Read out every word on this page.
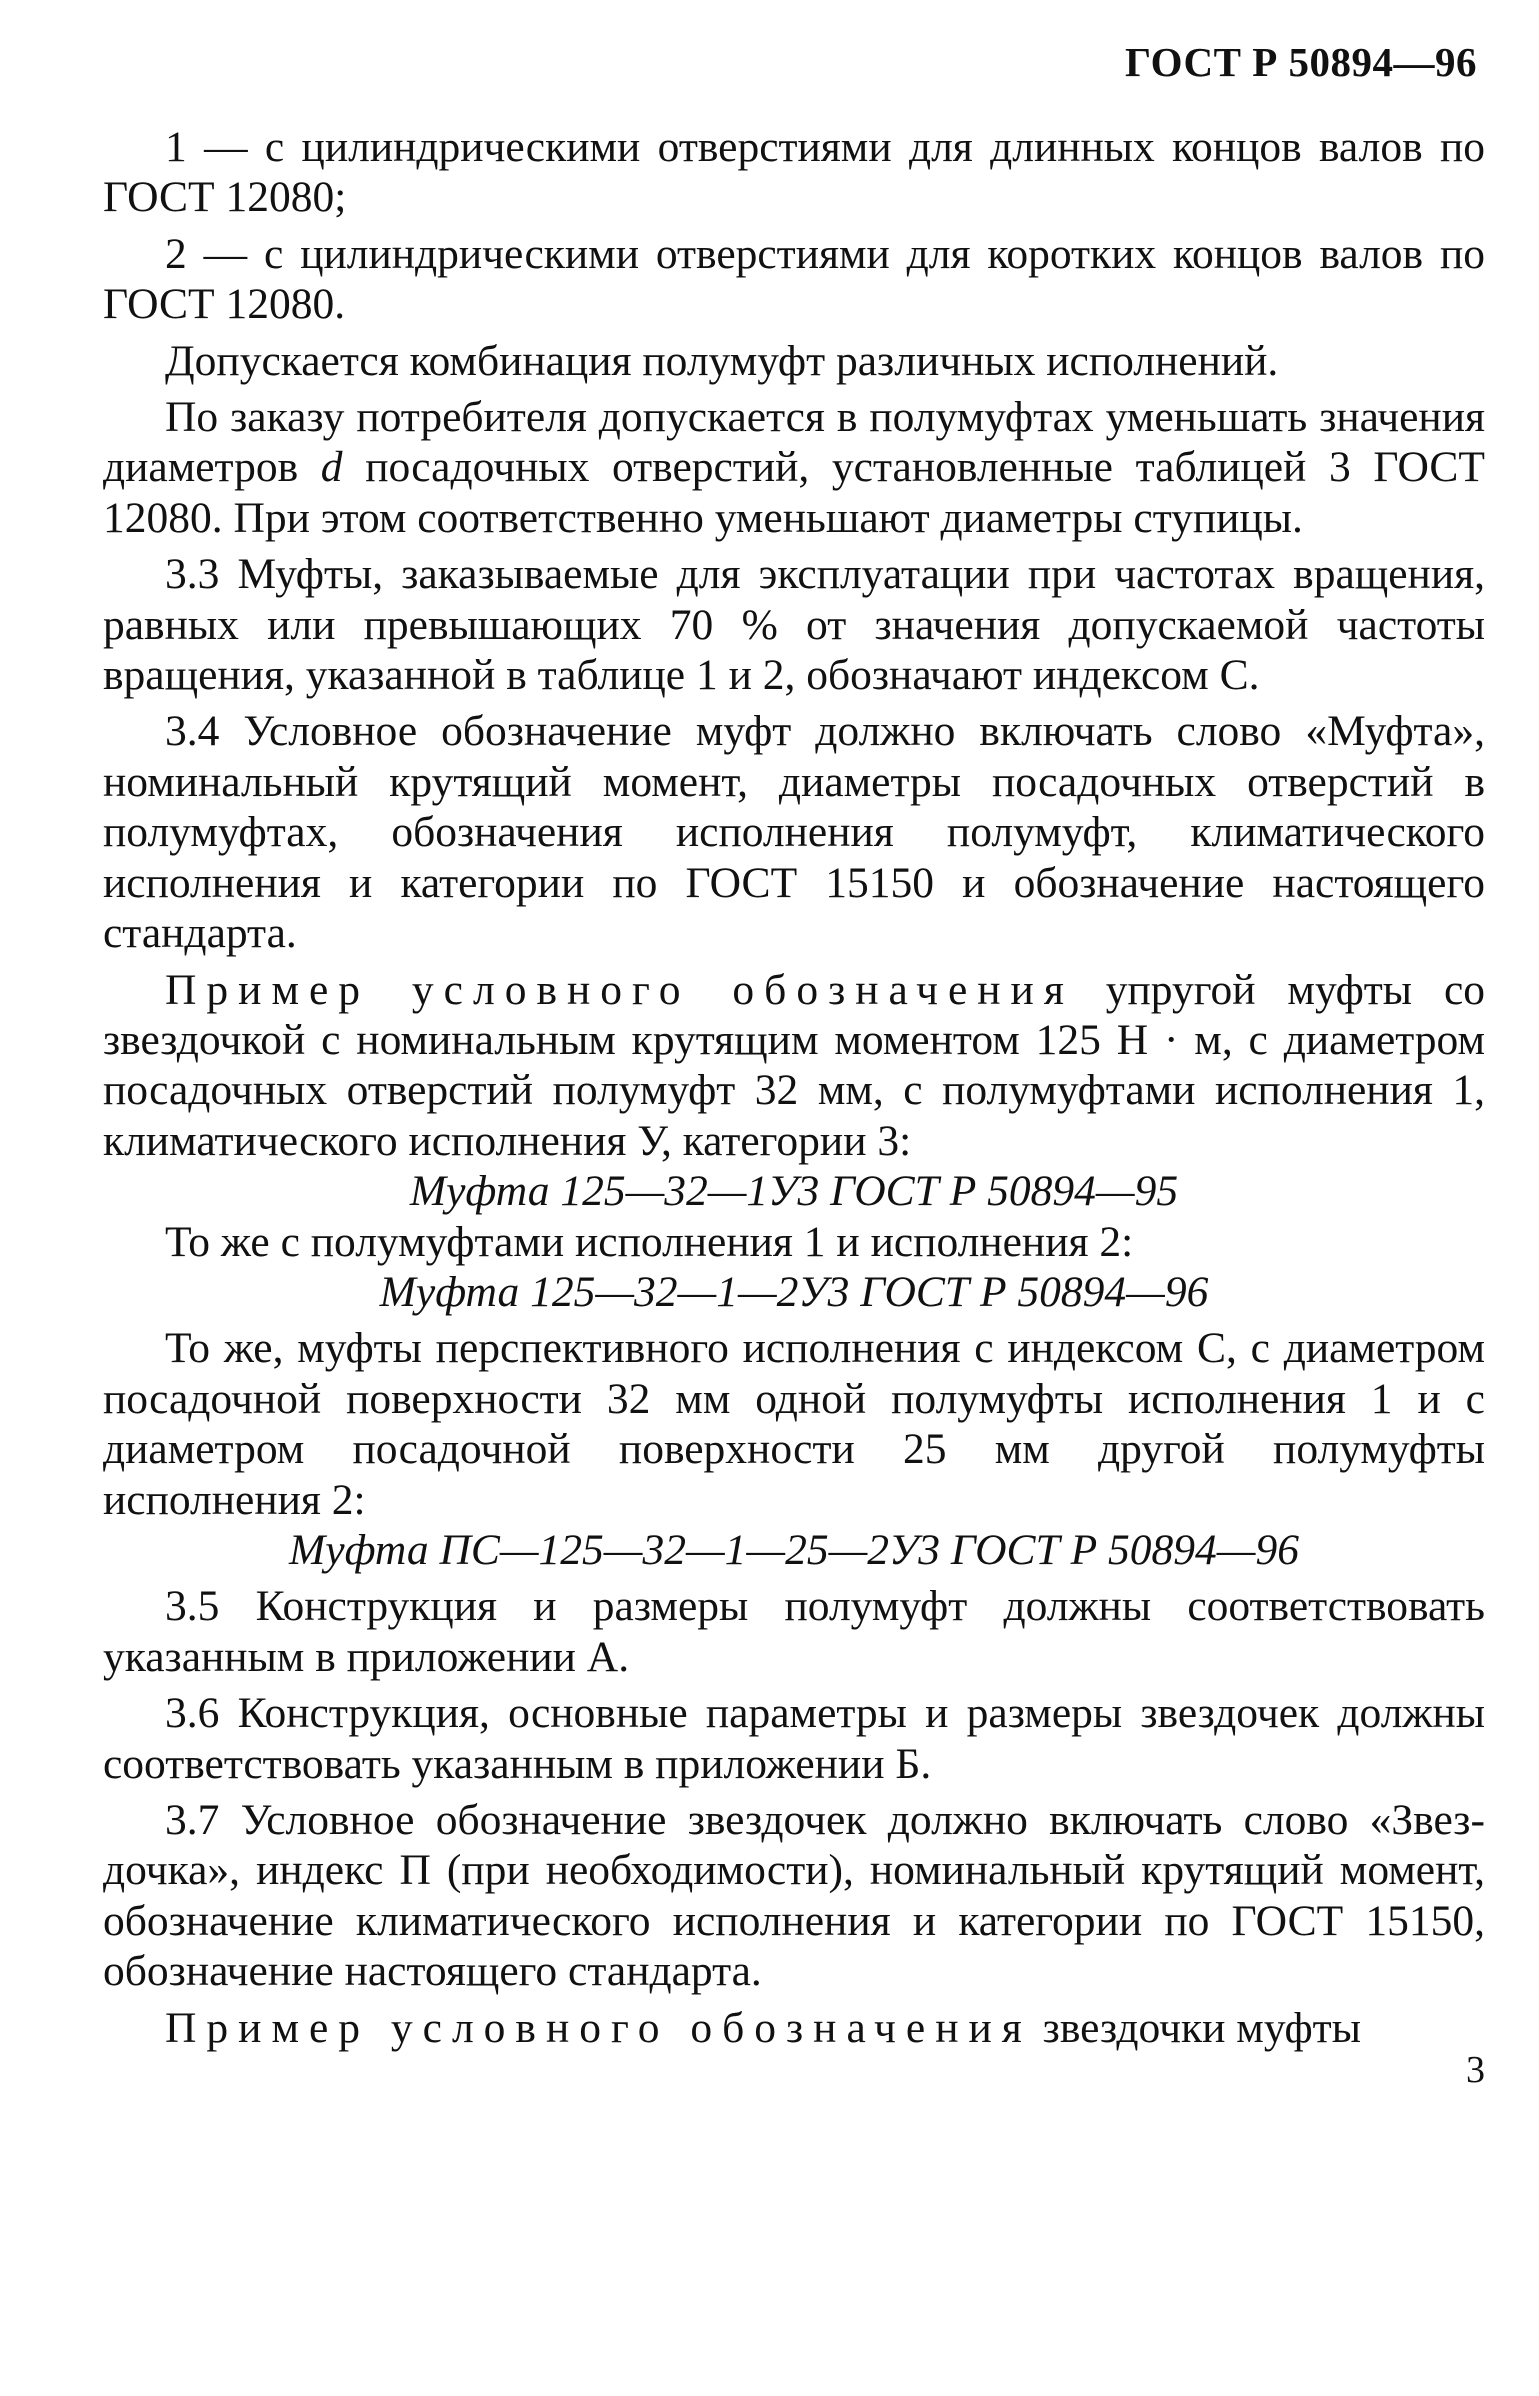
ГОСТ Р 50894—96
1 — с цилиндрическими отверстиями для длинных концов валов по ГОСТ 12080;
2 — с цилиндрическими отверстиями для коротких концов валов по ГОСТ 12080.
Допускается комбинация полумуфт различных исполнений.
По заказу потребителя допускается в полумуфтах уменьшать значения диаметров d посадочных отверстий, установленные таблицей 3 ГОСТ 12080. При этом соответственно уменьшают диаметры ступицы.
3.3 Муфты, заказываемые для эксплуатации при частотах вращения, равных или превышающих 70 % от значения допускаемой частоты вращения, указанной в таблице 1 и 2, обозначают индексом С.
3.4 Условное обозначение муфт должно включать слово «Муфта», номинальный крутящий момент, диаметры посадочных отверстий в полумуфтах, обозначения исполнения полумуфт, климатического исполнения и категории по ГОСТ 15150 и обозначение настоящего стандарта.
Пример условного обозначения упругой муфты со звездочкой с номинальным крутящим моментом 125 Н · м, с диаметром посадочных отверстий полумуфт 32 мм, с полумуфтами исполнения 1, климатического исполнения У, категории 3:
Муфта 125—32—1У3 ГОСТ Р 50894—95
То же с полумуфтами исполнения 1 и исполнения 2:
Муфта 125—32—1—2У3 ГОСТ Р 50894—96
То же, муфты перспективного исполнения с индексом С, с диаметром посадочной поверхности 32 мм одной полумуфты исполнения 1 и с диаметром посадочной поверхности 25 мм другой полумуфты исполнения 2:
Муфта ПС—125—32—1—25—2У3 ГОСТ Р 50894—96
3.5 Конструкция и размеры полумуфт должны соответствовать указанным в приложении А.
3.6 Конструкция, основные параметры и размеры звездочек должны соответствовать указанным в приложении Б.
3.7 Условное обозначение звездочек должно включать слово «Звездочка», индекс П (при необходимости), номинальный крутящий момент, обозначение климатического исполнения и категории по ГОСТ 15150, обозначение настоящего стандарта.
Пример условного обозначения звездочки муфты
3
